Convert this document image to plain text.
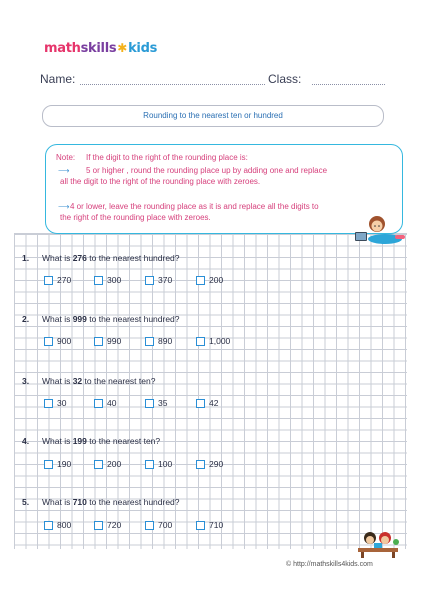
math skills ✱ kids
Name:	Class:
Rounding to the nearest ten or hundred
Note: If the digit to the right of the rounding place is:
⟶ 5 or higher , round the rounding place up by adding one and replace
all the digit to the right of the rounding place with zeroes.
⟶ 4 or lower, leave the rounding place as it is and replace all the digits to
the right of the rounding place with zeroes.
1. What is 276 to the nearest hundred?
270	300	370	200
2. What is 999 to the nearest hundred?
900	990	890	1,000
3. What is 32 to the nearest ten?
30	40	35	42
4. What is 199 to the nearest ten?
190	200	100	290
5. What is 710 to the nearest hundred?
800	720	700	710
© http://mathskills4kids.com
